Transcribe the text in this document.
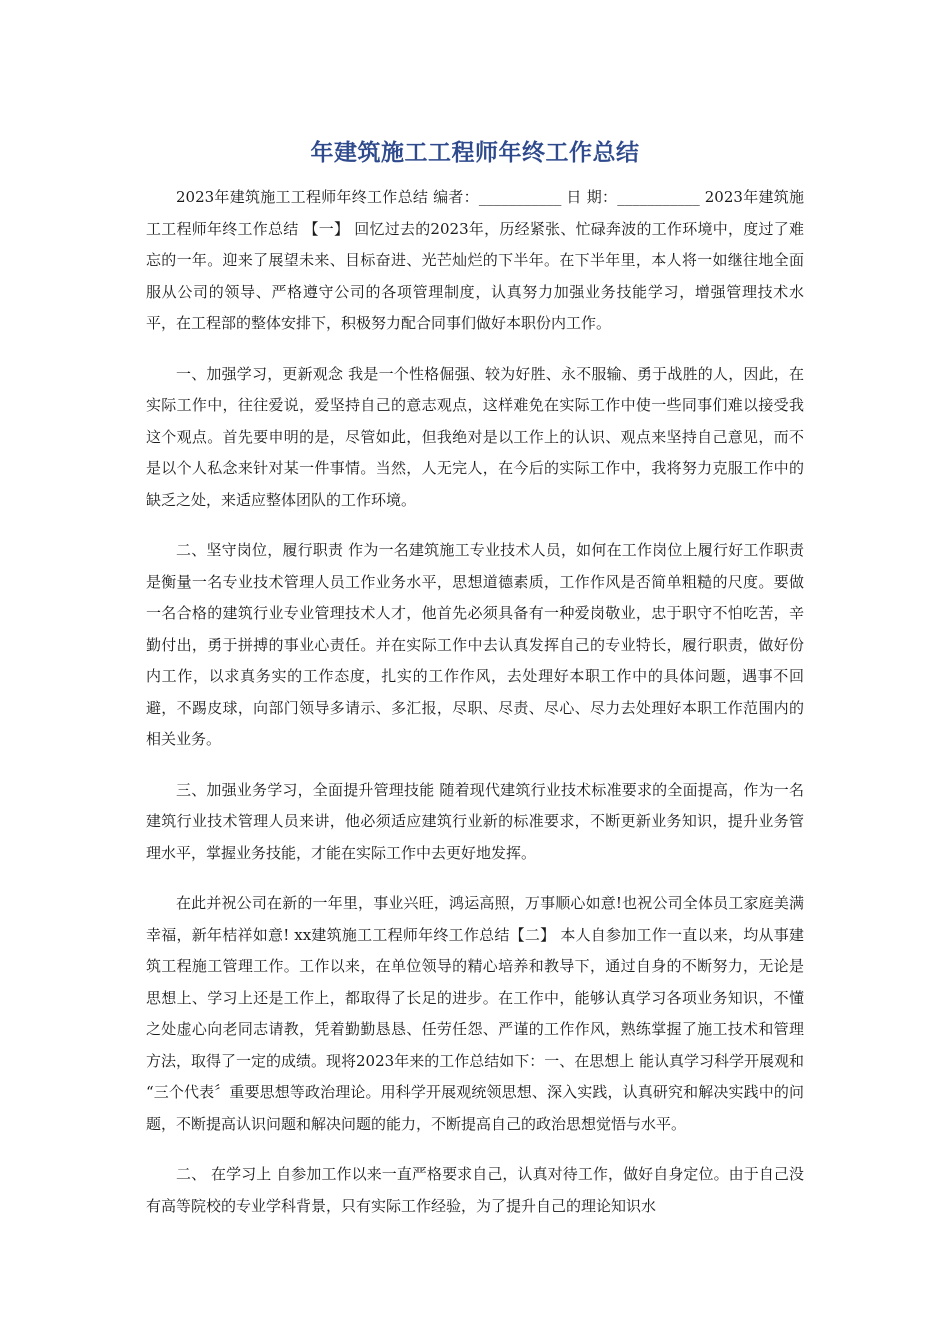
年建筑施工工程师年终工作总结

2023年建筑施工工程师年终工作总结 编者：___________ 日 期：___________ 2023年建筑施工工程师年终工作总结 【一】 回忆过去的2023年，历经紧张、忙碌奔波的工作环境中，度过了难忘的一年。迎来了展望未来、目标奋进、光芒灿烂的下半年。在下半年里，本人将一如继往地全面服从公司的领导、严格遵守公司的各项管理制度，认真努力加强业务技能学习，增强管理技术水平，在工程部的整体安排下，积极努力配合同事们做好本职份内工作。

一、加强学习，更新观念 我是一个性格倔强、较为好胜、永不服输、勇于战胜的人，因此，在实际工作中，往往爱说，爱坚持自己的意志观点，这样难免在实际工作中使一些同事们难以接受我这个观点。首先要申明的是，尽管如此，但我绝对是以工作上的认识、观点来坚持自己意见，而不是以个人私念来针对某一件事情。当然，人无完人，在今后的实际工作中，我将努力克服工作中的缺乏之处，来适应整体团队的工作环境。

二、坚守岗位，履行职责 作为一名建筑施工专业技术人员，如何在工作岗位上履行好工作职责是衡量一名专业技术管理人员工作业务水平，思想道德素质，工作作风是否简单粗糙的尺度。要做一名合格的建筑行业专业管理技术人才，他首先必须具备有一种爱岗敬业，忠于职守不怕吃苦，辛勤付出，勇于拼搏的事业心责任。并在实际工作中去认真发挥自己的专业特长，履行职责，做好份内工作，以求真务实的工作态度，扎实的工作作风，去处理好本职工作中的具体问题，遇事不回避，不踢皮球，向部门领导多请示、多汇报，尽职、尽责、尽心、尽力去处理好本职工作范围内的相关业务。

三、加强业务学习，全面提升管理技能 随着现代建筑行业技术标准要求的全面提高，作为一名建筑行业技术管理人员来讲，他必须适应建筑行业新的标准要求，不断更新业务知识，提升业务管理水平，掌握业务技能，才能在实际工作中去更好地发挥。

在此并祝公司在新的一年里，事业兴旺，鸿运高照，万事顺心如意!也祝公司全体员工家庭美满幸福，新年桔祥如意! xx建筑施工工程师年终工作总结【二】 本人自参加工作一直以来，均从事建筑工程施工管理工作。工作以来，在单位领导的精心培养和教导下，通过自身的不断努力，无论是思想上、学习上还是工作上，都取得了长足的进步。在工作中，能够认真学习各项业务知识，不懂之处虚心向老同志请教，凭着勤勤恳恳、任劳任怨、严谨的工作作风，熟练掌握了施工技术和管理方法，取得了一定的成绩。现将2023年来的工作总结如下：一、在思想上 能认真学习科学开展观和 “三个代表〞重要思想等政治理论。用科学开展观统领思想、深入实践，认真研究和解决实践中的问题，不断提高认识问题和解决问题的能力，不断提高自己的政治思想觉悟与水平。

二、 在学习上 自参加工作以来一直严格要求自己，认真对待工作，做好自身定位。由于自己没有高等院校的专业学科背景，只有实际工作经验，为了提升自己的理论知识水
